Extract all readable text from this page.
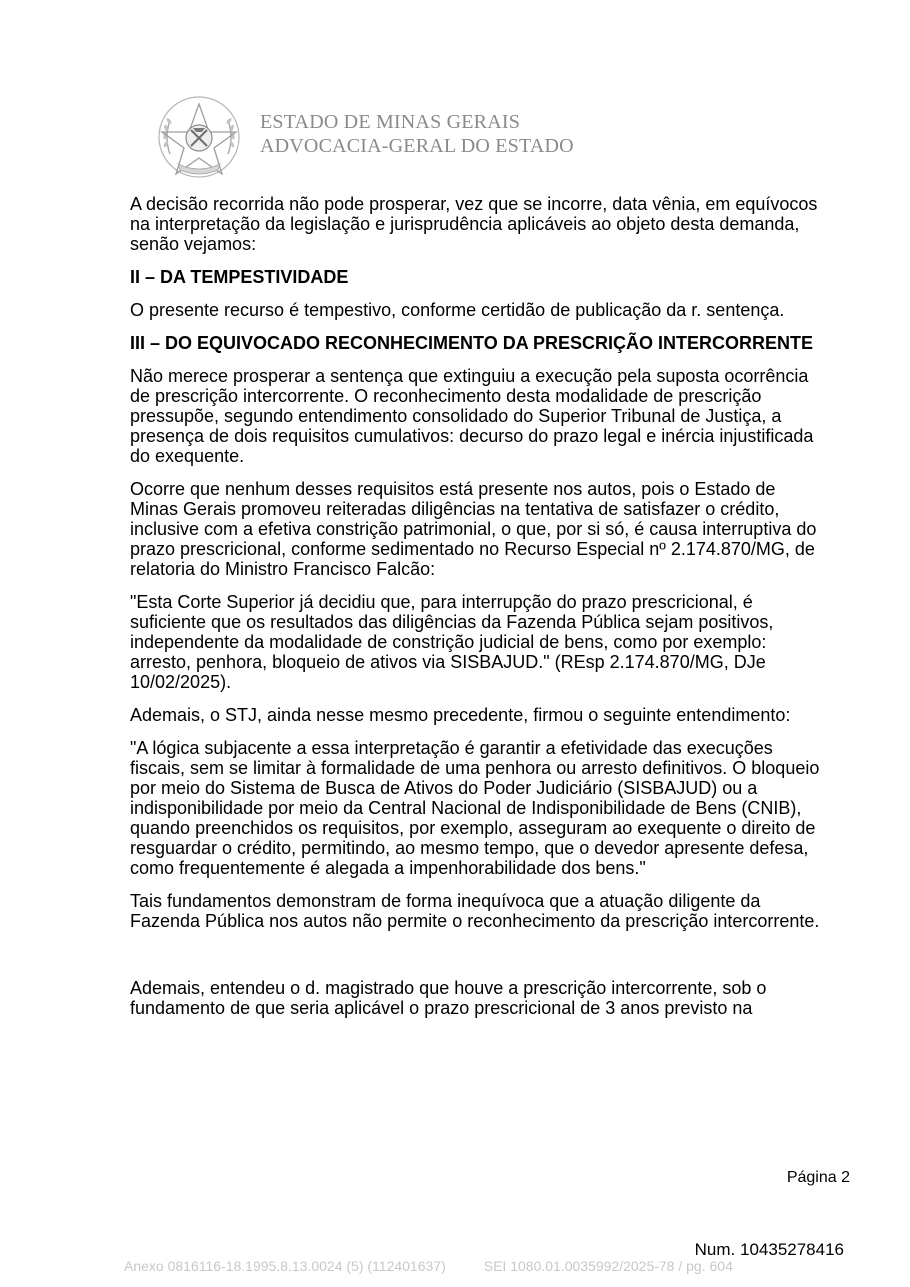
ESTADO DE MINAS GERAIS
ADVOCACIA-GERAL DO ESTADO

A decisão recorrida não pode prosperar, vez que se incorre, data vênia, em equívocos na interpretação da legislação e jurisprudência aplicáveis ao objeto desta demanda, senão vejamos:

II – DA TEMPESTIVIDADE

O presente recurso é tempestivo, conforme certidão de publicação da r. sentença.

III – DO EQUIVOCADO RECONHECIMENTO DA PRESCRIÇÃO INTERCORRENTE

Não merece prosperar a sentença que extinguiu a execução pela suposta ocorrência de prescrição intercorrente. O reconhecimento desta modalidade de prescrição pressupõe, segundo entendimento consolidado do Superior Tribunal de Justiça, a presença de dois requisitos cumulativos: decurso do prazo legal e inércia injustificada do exequente.

Ocorre que nenhum desses requisitos está presente nos autos, pois o Estado de Minas Gerais promoveu reiteradas diligências na tentativa de satisfazer o crédito, inclusive com a efetiva constrição patrimonial, o que, por si só, é causa interruptiva do prazo prescricional, conforme sedimentado no Recurso Especial nº 2.174.870/MG, de relatoria do Ministro Francisco Falcão:

"Esta Corte Superior já decidiu que, para interrupção do prazo prescricional, é suficiente que os resultados das diligências da Fazenda Pública sejam positivos, independente da modalidade de constrição judicial de bens, como por exemplo: arresto, penhora, bloqueio de ativos via SISBAJUD." (REsp 2.174.870/MG, DJe 10/02/2025).

Ademais, o STJ, ainda nesse mesmo precedente, firmou o seguinte entendimento:

"A lógica subjacente a essa interpretação é garantir a efetividade das execuções fiscais, sem se limitar à formalidade de uma penhora ou arresto definitivos. O bloqueio por meio do Sistema de Busca de Ativos do Poder Judiciário (SISBAJUD) ou a indisponibilidade por meio da Central Nacional de Indisponibilidade de Bens (CNIB), quando preenchidos os requisitos, por exemplo, asseguram ao exequente o direito de resguardar o crédito, permitindo, ao mesmo tempo, que o devedor apresente defesa, como frequentemente é alegada a impenhorabilidade dos bens."

Tais fundamentos demonstram de forma inequívoca que a atuação diligente da Fazenda Pública nos autos não permite o reconhecimento da prescrição intercorrente.

Ademais, entendeu o d. magistrado que houve a prescrição intercorrente, sob o fundamento de que seria aplicável o prazo prescricional de 3 anos previsto na

Página 2
Num. 10435278416
Anexo 0816116-18.1995.8.13.0024 (5) (112401637)	SEI 1080.01.0035992/2025-78 / pg. 604
